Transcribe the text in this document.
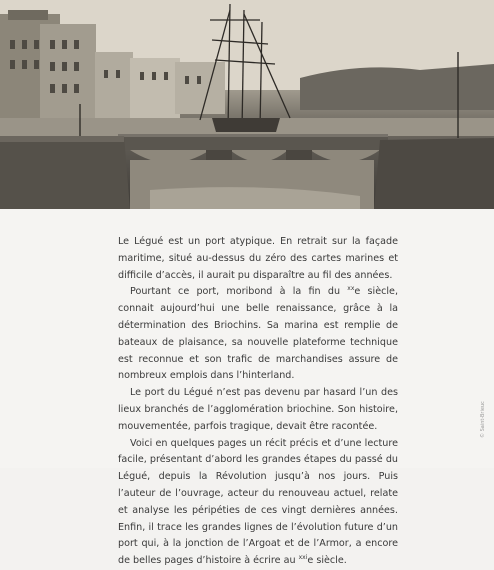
Le Légué est un port atypique. En retrait sur la façade maritime, situé au-dessus du zéro des cartes marines et difficile d’accès, il aurait pu disparaître au fil des années.

Pourtant ce port, moribond à la fin du $^{xx}$e siècle, connait aujourd’hui une belle renaissance, grâce à la détermination des Briochins. Sa marina est remplie de bateaux de plaisance, sa nouvelle plateforme technique est reconnue et son trafic de marchandises assure de nombreux emplois dans l’hinterland.

Le port du Légué n’est pas devenu par hasard l’un des lieux branchés de l’agglomération briochine. Son histoire, mouvementée, parfois tragique, devait être racontée.

Voici en quelques pages un récit précis et d’une lecture facile, présentant d’abord les grandes étapes du passé du Légué, depuis la Révolution jusqu’à nos jours. Puis l’auteur de l’ouvrage, acteur du renouveau actuel, relate et analyse les péripéties de ces vingt dernières années. Enfin, il trace les grandes lignes de l’évolution future d’un port qui, à la jonction de l’Argoat et de l’Armor, a encore de belles pages d’histoire à écrire au $^{xxi}$e siècle.

© Saint-Brieuc
